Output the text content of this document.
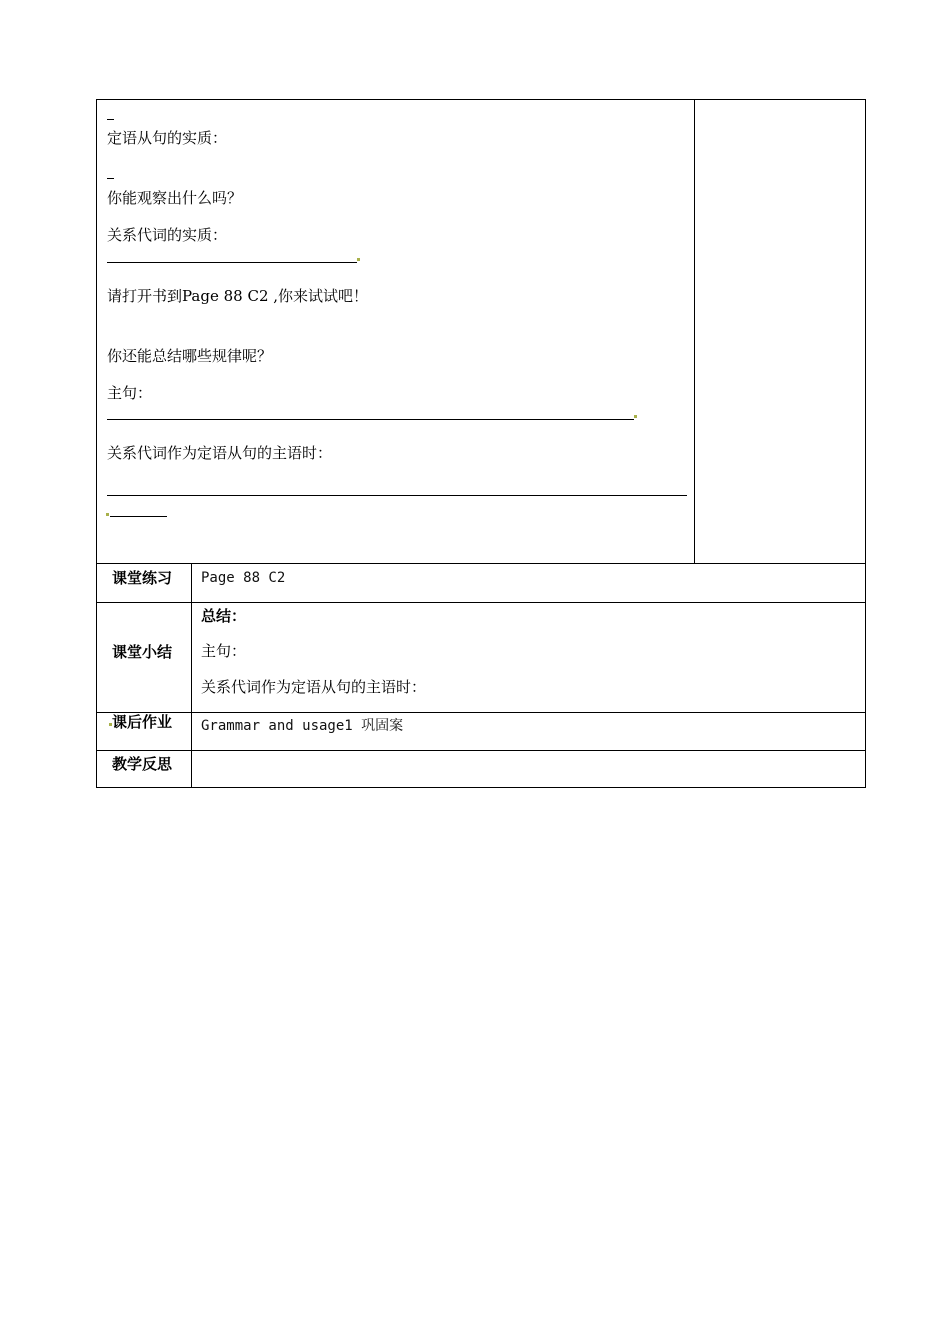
定语从句的实质：
你能观察出什么吗？
关系代词的实质：
请打开书到Page 88 C2 ,你来试试吧！
你还能总结哪些规律呢？
主句：
关系代词作为定语从句的主语时：
课堂练习 Page 88 C2
课堂小结
总结：
主句：
关系代词作为定语从句的主语时：
课后作业 Grammar and usage1 巩固案
教学反思
